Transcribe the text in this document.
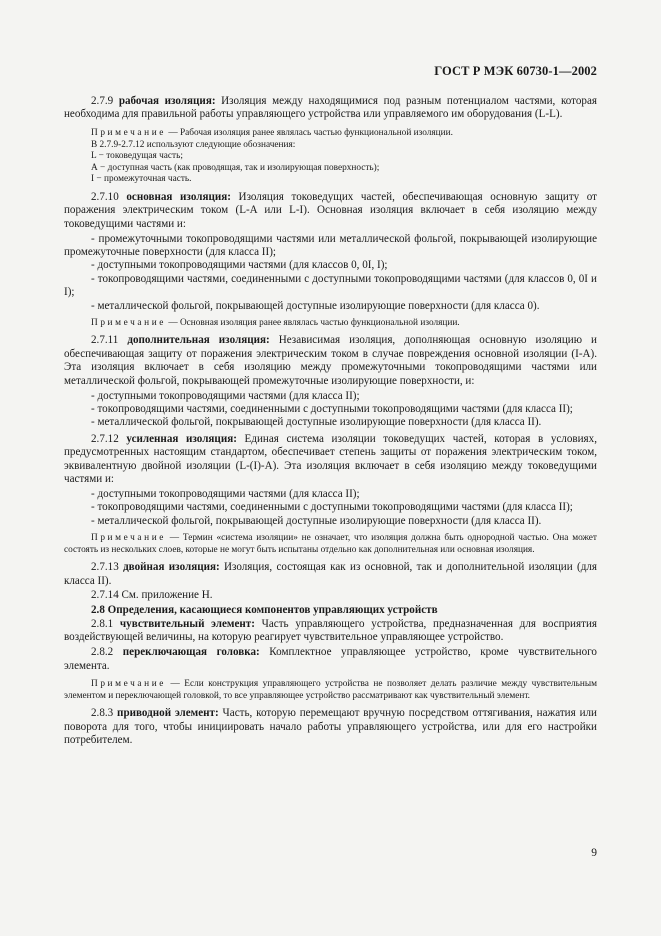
ГОСТ Р МЭК 60730-1—2002

2.7.9 рабочая изоляция: Изоляция между находящимися под разным потенциалом частями, которая необходима для правильной работы управляющего устройства или управляемого им оборудования (L-L).

Примечание — Рабочая изоляция ранее являлась частью функциональной изоляции.

В 2.7.9-2.7.12 используют следующие обозначения:

L − токоведущая часть;

А − доступная часть (как проводящая, так и изолирующая поверхность);

I − промежуточная часть.

2.7.10 основная изоляция: Изоляция токоведущих частей, обеспечивающая основную защиту от поражения электрическим током (L-A или L-I). Основная изоляция включает в себя изоляцию между токоведущими частями и:

- промежуточными токопроводящими частями или металлической фольгой, покрывающей изолирующие промежуточные поверхности (для класса II);

- доступными токопроводящими частями (для классов 0, 0I, I);

- токопроводящими частями, соединенными с доступными токопроводящими частями (для классов 0, 0I и I);

- металлической фольгой, покрывающей доступные изолирующие поверхности (для класса 0).

Примечание — Основная изоляция ранее являлась частью функциональной изоляции.

2.7.11 дополнительная изоляция: Независимая изоляция, дополняющая основную изоляцию и обеспечивающая защиту от поражения электрическим током в случае повреждения основной изоляции (I-A). Эта изоляция включает в себя изоляцию между промежуточными токопроводящими частями или металлической фольгой, покрывающей промежуточные изолирующие поверхности, и:

- доступными токопроводящими частями (для класса II);

- токопроводящими частями, соединенными с доступными токопроводящими частями (для класса II);

- металлической фольгой, покрывающей доступные изолирующие поверхности (для класса II).

2.7.12 усиленная изоляция: Единая система изоляции токоведущих частей, которая в условиях, предусмотренных настоящим стандартом, обеспечивает степень защиты от поражения электрическим током, эквивалентную двойной изоляции (L-(I)-A). Эта изоляция включает в себя изоляцию между токоведущими частями и:

- доступными токопроводящими частями (для класса II);

- токопроводящими частями, соединенными с доступными токопроводящими частями (для класса II);

- металлической фольгой, покрывающей доступные изолирующие поверхности (для класса II).

Примечание — Термин «система изоляции» не означает, что изоляция должна быть однородной частью. Она может состоять из нескольких слоев, которые не могут быть испытаны отдельно как дополнительная или основная изоляция.

2.7.13 двойная изоляция: Изоляция, состоящая как из основной, так и дополнительной изоляции (для класса II).

2.7.14 См. приложение Н.

2.8 Определения, касающиеся компонентов управляющих устройств

2.8.1 чувствительный элемент: Часть управляющего устройства, предназначенная для восприятия воздействующей величины, на которую реагирует чувствительное управляющее устройство.

2.8.2 переключающая головка: Комплектное управляющее устройство, кроме чувствительного элемента.

Примечание — Если конструкция управляющего устройства не позволяет делать различие между чувствительным элементом и переключающей головкой, то все управляющее устройство рассматривают как чувствительный элемент.

2.8.3 приводной элемент: Часть, которую перемещают вручную посредством оттягивания, нажатия или поворота для того, чтобы инициировать начало работы управляющего устройства, или для его настройки потребителем.

9
